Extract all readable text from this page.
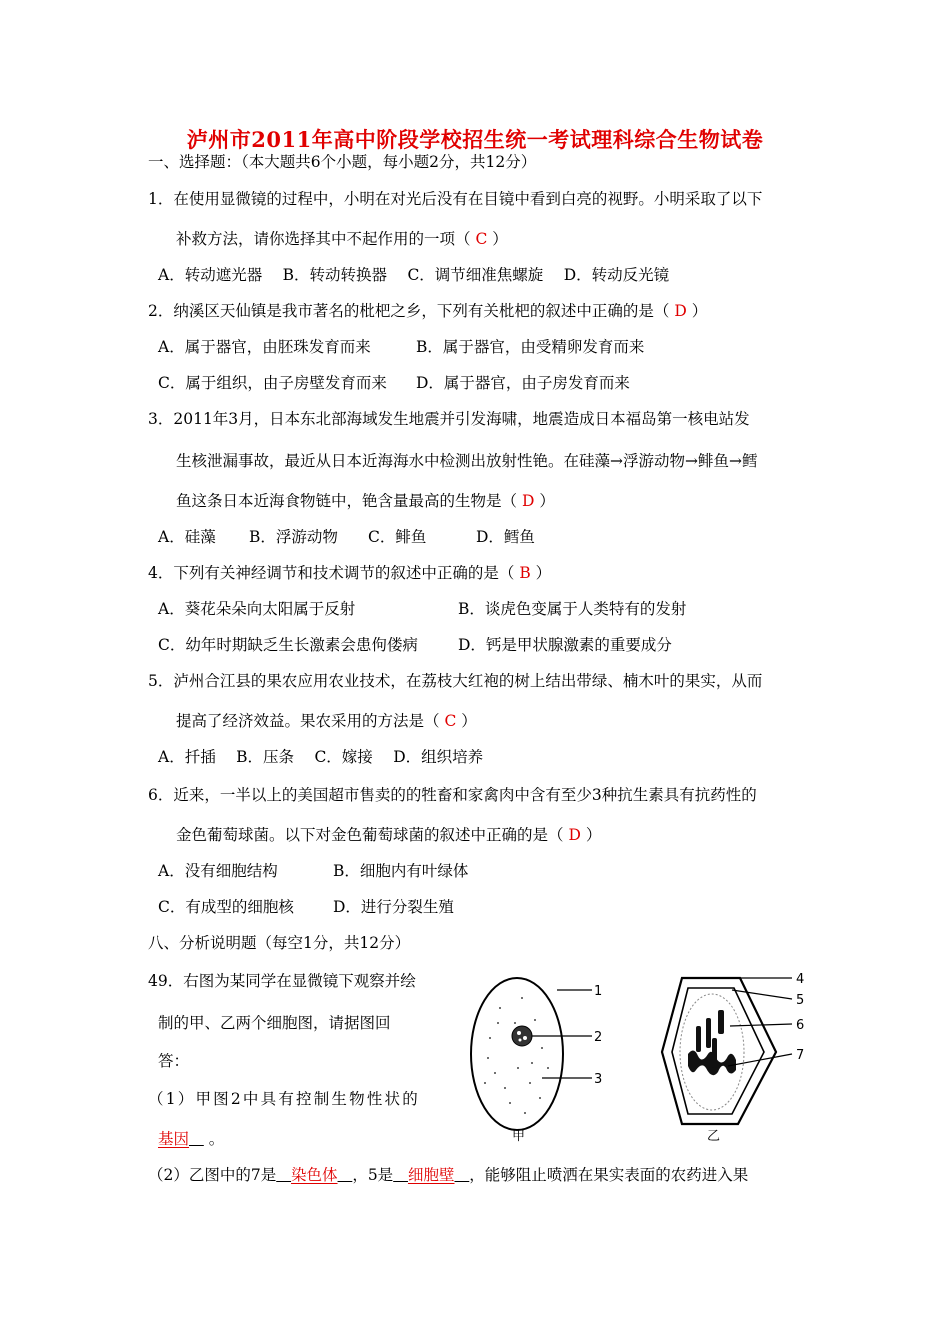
泸州市2011年高中阶段学校招生统一考试理科综合生物试卷
一、选择题：（本大题共6个小题，每小题2分，共12分）
1．在使用显微镜的过程中，小明在对光后没有在目镜中看到白亮的视野。小明采取了以下
补救方法，请你选择其中不起作用的一项（ C ）
A．转动遮光器　 B．转动转换器　 C．调节细准焦螺旋　 D．转动反光镜
2．纳溪区天仙镇是我市著名的枇杷之乡，下列有关枇杷的叙述中正确的是（ D ）
A．属于器官，由胚珠发育而来	B．属于器官，由受精卵发育而来
C．属于组织，由子房壁发育而来 D．属于器官，由子房发育而来
3．2011年3月，日本东北部海域发生地震并引发海啸，地震造成日本福岛第一核电站发
生核泄漏事故，最近从日本近海海水中检测出放射性铯。在硅藻→浮游动物→鲱鱼→鳕
鱼这条日本近海食物链中，铯含量最高的生物是（ D ）
A．硅藻 B．浮游动物 C．鲱鱼	D．鳕鱼
4．下列有关神经调节和技术调节的叙述中正确的是（ B ）
A．葵花朵朵向太阳属于反射	B．谈虎色变属于人类特有的发射
C．幼年时期缺乏生长激素会患佝偻病	D．钙是甲状腺激素的重要成分
5．泸州合江县的果农应用农业技术，在荔枝大红袍的树上结出带绿、楠木叶的果实，从而
提高了经济效益。果农采用的方法是（ C ）
A．扦插　 B．压条　 C．嫁接　 D．组织培养
6．近来，一半以上的美国超市售卖的的牲畜和家禽肉中含有至少3种抗生素具有抗药性的
金色葡萄球菌。以下对金色葡萄球菌的叙述中正确的是（ D ）
A．没有细胞结构	B．细胞内有叶绿体
C．有成型的细胞核	D．进行分裂生殖
八、分析说明题（每空1分，共12分）
49．右图为某同学在显微镜下观察并绘
制的甲、乙两个细胞图，请据图回
答：
（1）甲图2中具有控制生物性状的
基因 。
（2）乙图中的7是 染色体 ，5是 细胞壁 ，能够阻止喷洒在果实表面的农药进入果
1
2
3
甲
4
5
6
7
乙
